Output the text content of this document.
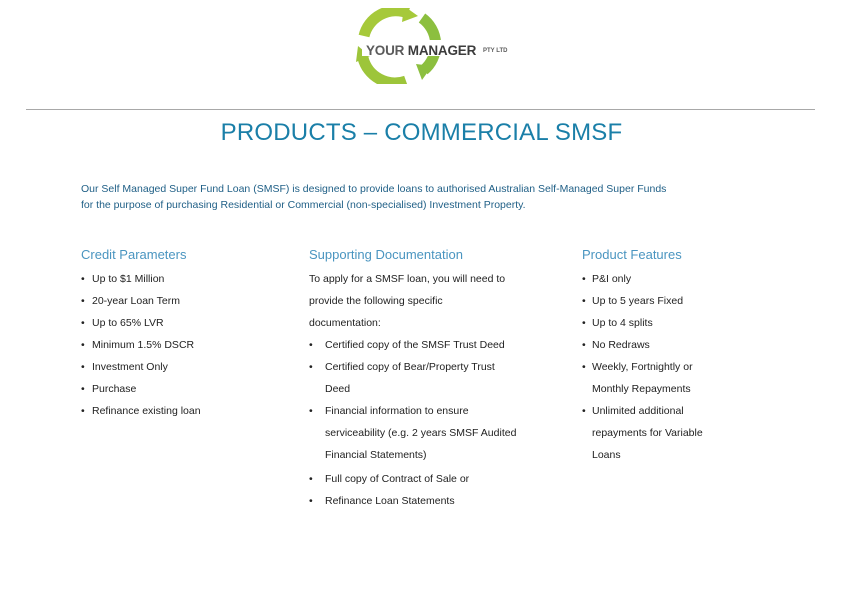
YOUR MANAGER PTY LTD
PRODUCTS – COMMERCIAL SMSF
Our Self Managed Super Fund Loan (SMSF) is designed to provide loans to authorised Australian Self-Managed Super Funds
for the purpose of purchasing Residential or Commercial (non-specialised) Investment Property.
Credit Parameters
• Up to $1 Million
• 20-year Loan Term
• Up to 65% LVR
• Minimum 1.5% DSCR
• Investment Only
• Purchase
• Refinance existing loan
Supporting Documentation

To apply for a SMSF loan, you will need to

provide the following specific

documentation:

• Certified copy of the SMSF Trust Deed
• Certified copy of Bear/Property Trust
Deed
• Financial information to ensure
serviceability (e.g. 2 years SMSF Audited
Financial Statements)
• Full copy of Contract of Sale or
• Refinance Loan Statements
Product Features
• P&I only
• Up to 5 years Fixed
• Up to 4 splits
• No Redraws
• Weekly, Fortnightly or
Monthly Repayments
• Unlimited additional
repayments for Variable
Loans
